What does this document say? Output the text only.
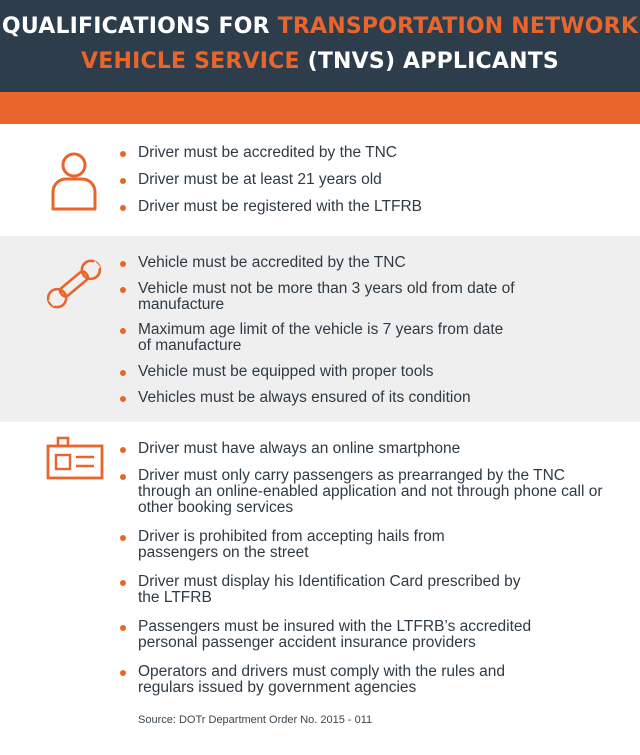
QUALIFICATIONS FOR TRANSPORTATION NETWORK
VEHICLE SERVICE (TNVS) APPLICANTS
Driver must be accredited by the TNC
Driver must be at least 21 years old
Driver must be registered with the LTFRB
Vehicle must be accredited by the TNC
Vehicle must not be more than 3 years old from date of manufacture
Maximum age limit of the vehicle is 7 years from date of manufacture
Vehicle must be equipped with proper tools
Vehicles must be always ensured of its condition
Driver must have always an online smartphone
Driver must only carry passengers as prearranged by the TNC through an online-enabled application and not through phone call or other booking services
Driver is prohibited from accepting hails from passengers on the street
Driver must display his Identification Card prescribed by the LTFRB
Passengers must be insured with the LTFRB’s accredited personal passenger accident insurance providers
Operators and drivers must comply with the rules and regulars issued by government agencies
Source: DOTr Department Order No. 2015 - 011
